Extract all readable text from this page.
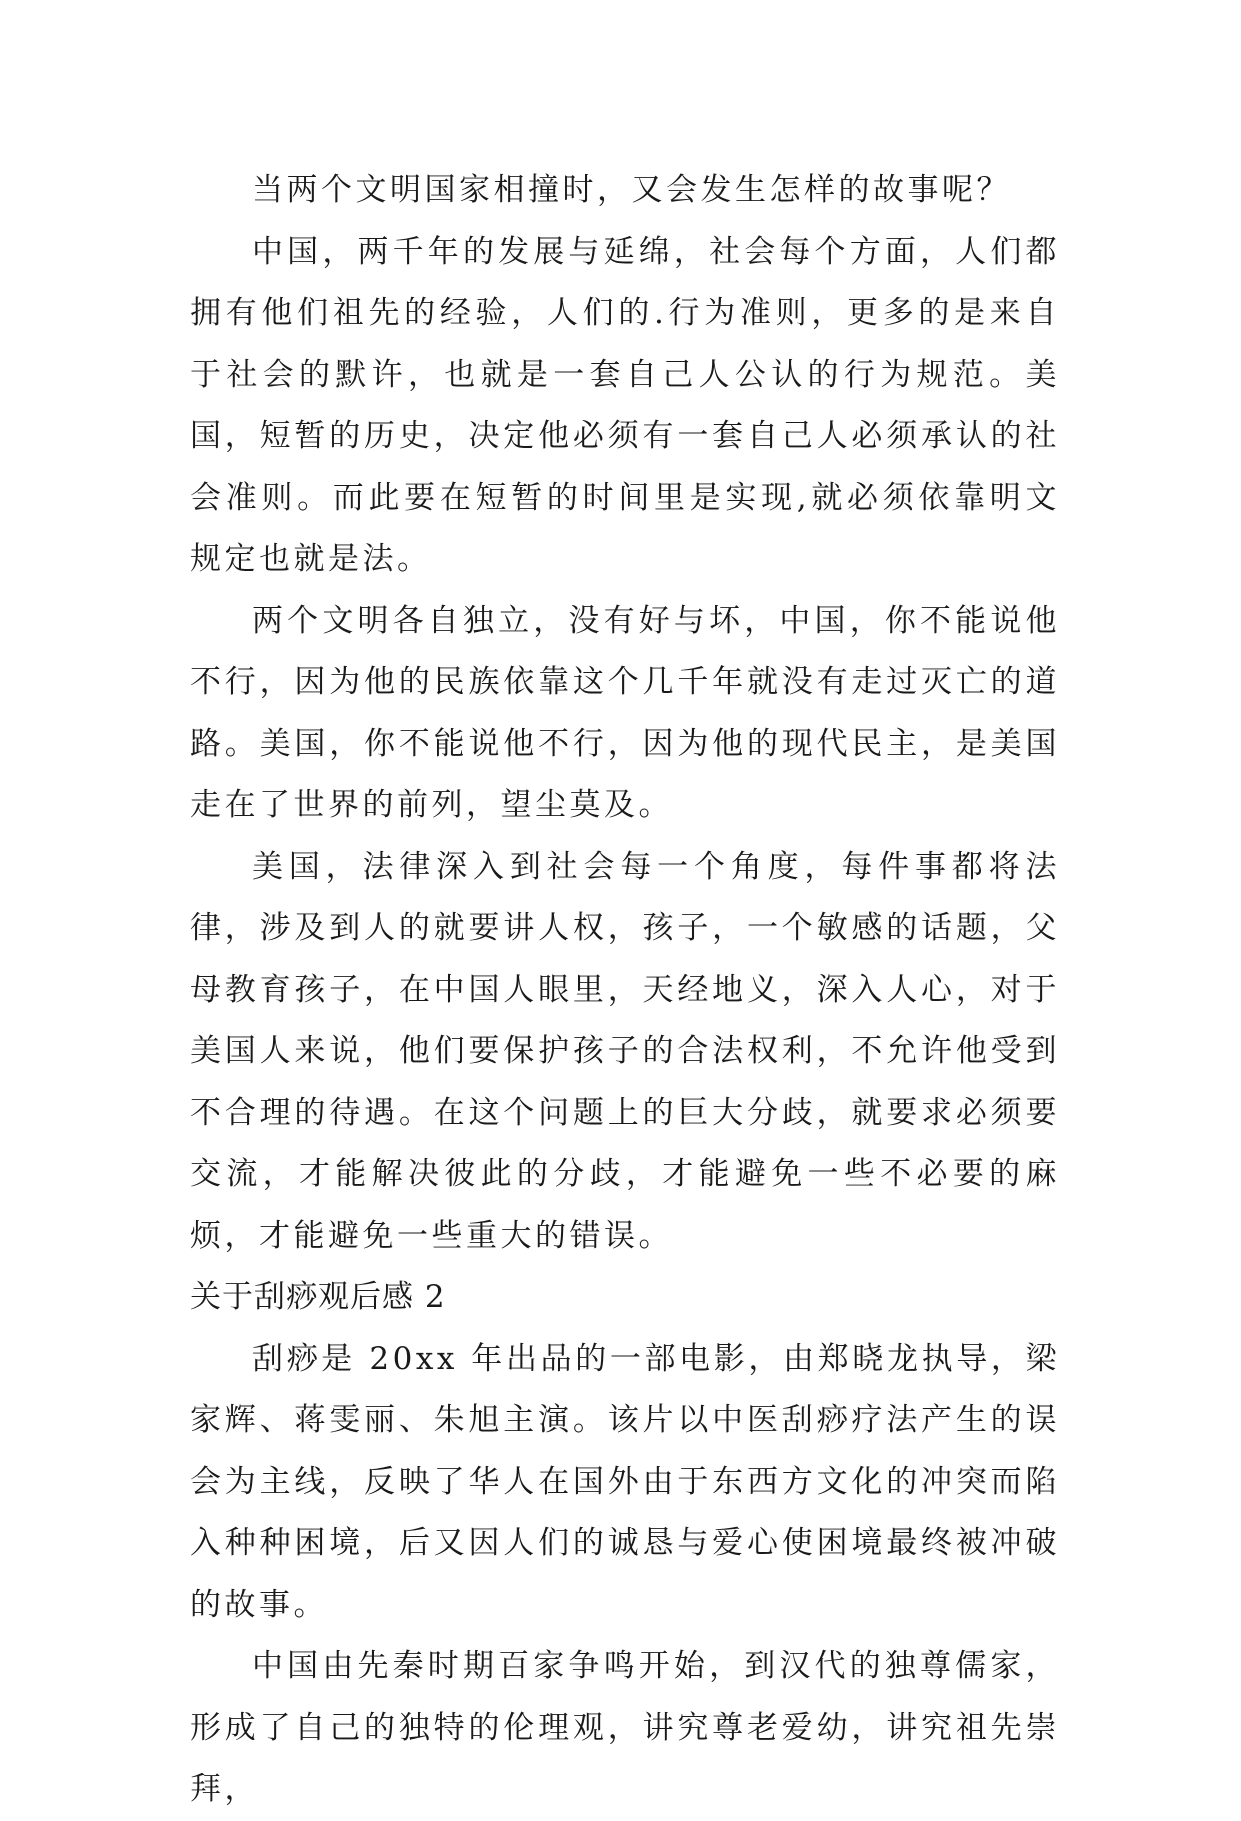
当两个文明国家相撞时，又会发生怎样的故事呢？

中国，两千年的发展与延绵，社会每个方面，人们都拥有他们祖先的经验，人们的.行为准则，更多的是来自于社会的默许，也就是一套自己人公认的行为规范。美国，短暂的历史，决定他必须有一套自己人必须承认的社会准则。而此要在短暂的时间里是实现,就必须依靠明文规定也就是法。

两个文明各自独立，没有好与坏，中国，你不能说他不行，因为他的民族依靠这个几千年就没有走过灭亡的道路。美国，你不能说他不行，因为他的现代民主，是美国走在了世界的前列，望尘莫及。

美国，法律深入到社会每一个角度，每件事都将法律，涉及到人的就要讲人权，孩子，一个敏感的话题，父母教育孩子，在中国人眼里，天经地义，深入人心，对于美国人来说，他们要保护孩子的合法权利，不允许他受到不合理的待遇。在这个问题上的巨大分歧，就要求必须要交流，才能解决彼此的分歧，才能避免一些不必要的麻烦，才能避免一些重大的错误。

关于刮痧观后感 2

刮痧是 20xx 年出品的一部电影，由郑晓龙执导，梁家辉、蒋雯丽、朱旭主演。该片以中医刮痧疗法产生的误会为主线，反映了华人在国外由于东西方文化的冲突而陷入种种困境，后又因人们的诚恳与爱心使困境最终被冲破的故事。

中国由先秦时期百家争鸣开始，到汉代的独尊儒家，形成了自己的独特的伦理观，讲究尊老爱幼，讲究祖先崇拜，
